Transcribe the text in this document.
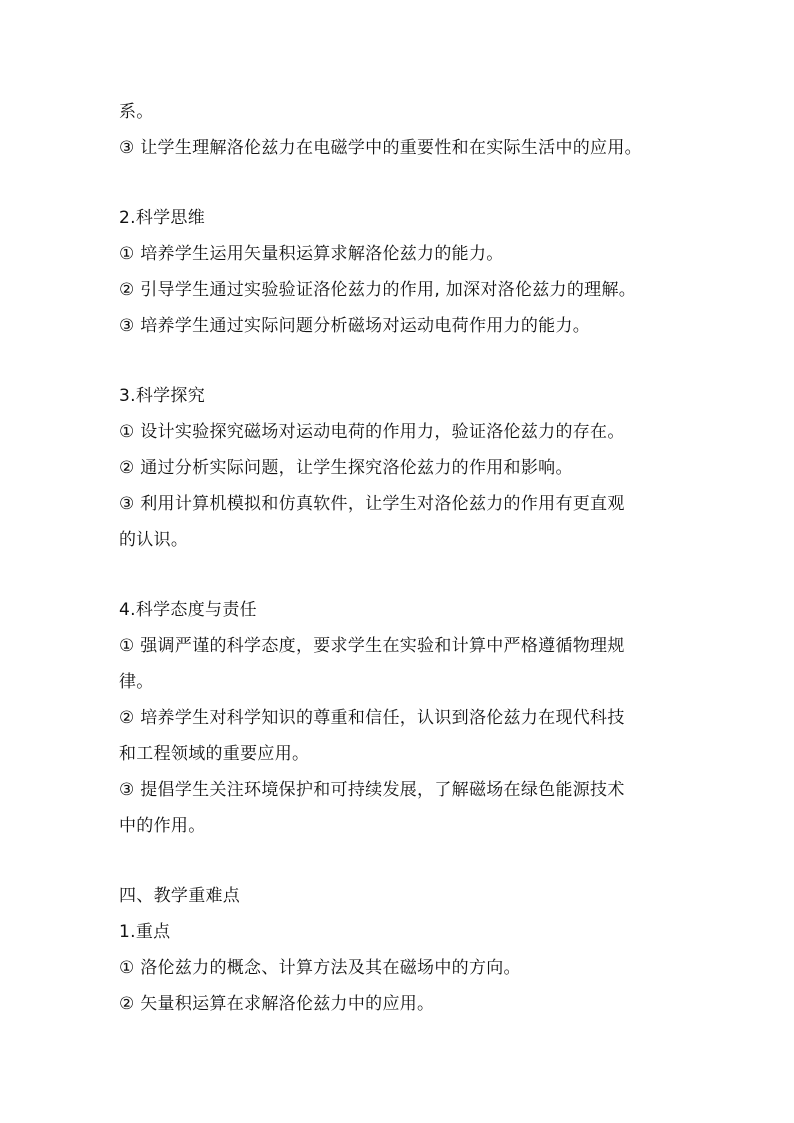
系。
③ 让学生理解洛伦兹力在电磁学中的重要性和在实际生活中的应用。
2.科学思维
① 培养学生运用矢量积运算求解洛伦兹力的能力。
② 引导学生通过实验验证洛伦兹力的作用, 加深对洛伦兹力的理解。
③ 培养学生通过实际问题分析磁场对运动电荷作用力的能力。
3.科学探究
① 设计实验探究磁场对运动电荷的作用力，验证洛伦兹力的存在。
② 通过分析实际问题，让学生探究洛伦兹力的作用和影响。
③ 利用计算机模拟和仿真软件，让学生对洛伦兹力的作用有更直观
的认识。
4.科学态度与责任
① 强调严谨的科学态度，要求学生在实验和计算中严格遵循物理规
律。
② 培养学生对科学知识的尊重和信任，认识到洛伦兹力在现代科技
和工程领域的重要应用。
③ 提倡学生关注环境保护和可持续发展，了解磁场在绿色能源技术
中的作用。
四、教学重难点
1.重点
① 洛伦兹力的概念、计算方法及其在磁场中的方向。
② 矢量积运算在求解洛伦兹力中的应用。
